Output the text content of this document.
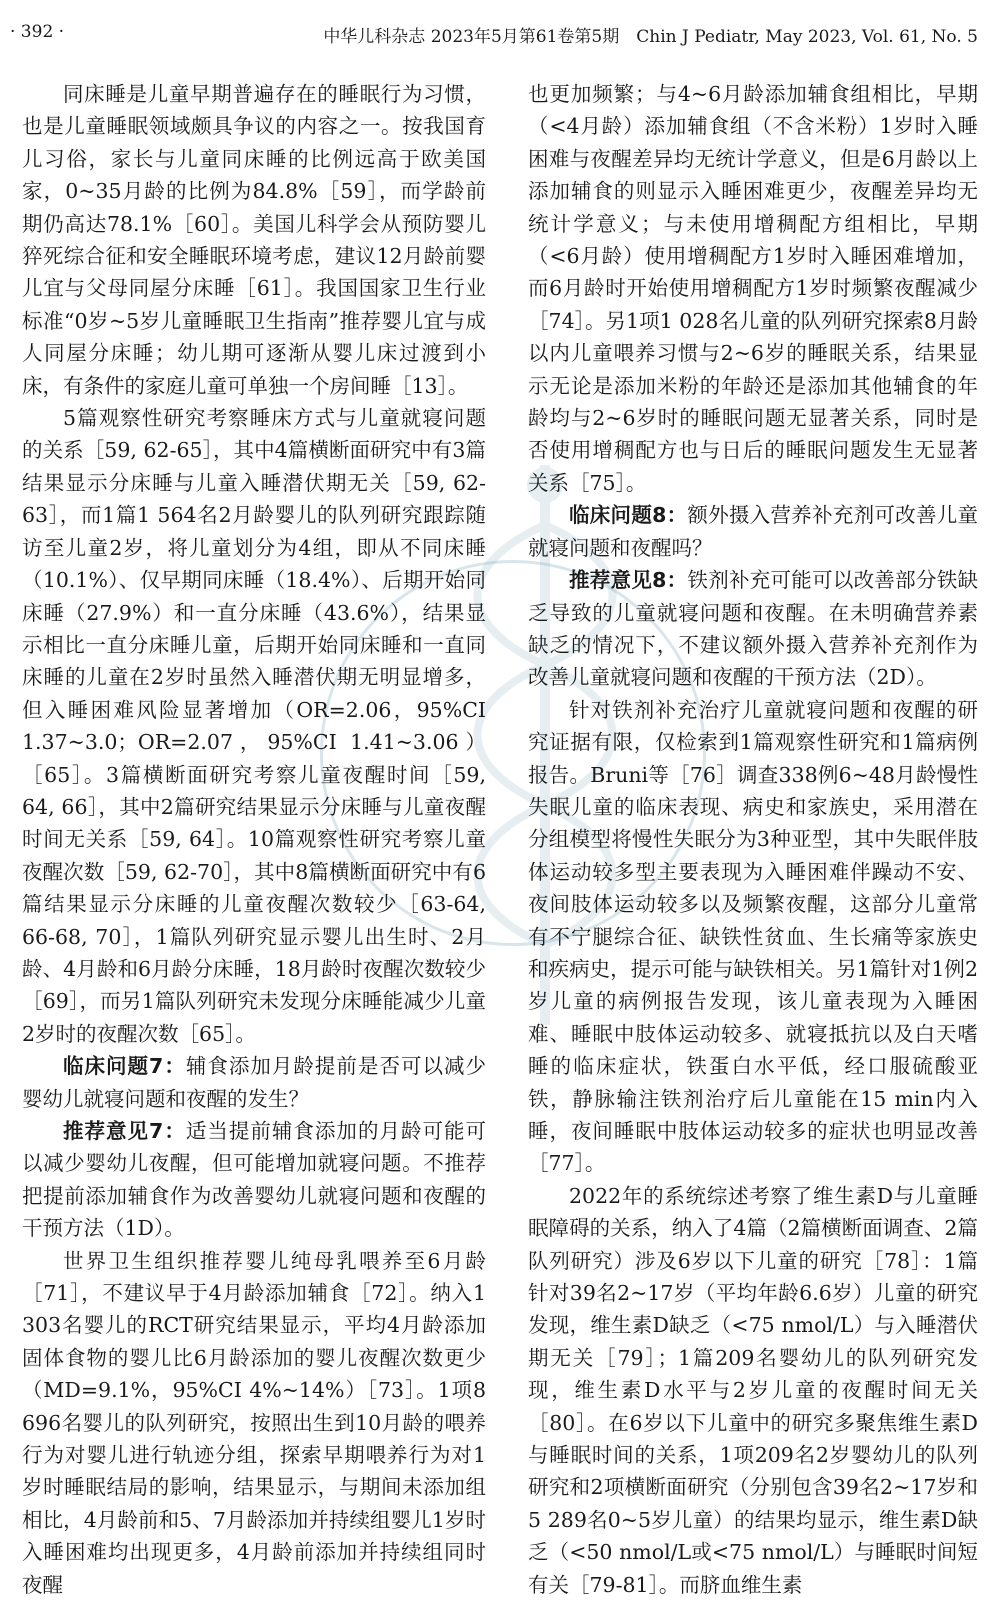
· 392 ·	中华儿科杂志 2023年5月第61卷第5期　Chin J Pediatr, May 2023, Vol. 61, No. 5

同床睡是儿童早期普遍存在的睡眠行为习惯，也是儿童睡眠领域颇具争议的内容之一。按我国育儿习俗，家长与儿童同床睡的比例远高于欧美国家，0~35月龄的比例为84.8%［59］，而学龄前期仍高达78.1%［60］。美国儿科学会从预防婴儿猝死综合征和安全睡眠环境考虑，建议12月龄前婴儿宜与父母同屋分床睡［61］。我国国家卫生行业标准“0岁~5岁儿童睡眠卫生指南”推荐婴儿宜与成人同屋分床睡；幼儿期可逐渐从婴儿床过渡到小床，有条件的家庭儿童可单独一个房间睡［13］。

5篇观察性研究考察睡床方式与儿童就寝问题的关系［59, 62-65］，其中4篇横断面研究中有3篇结果显示分床睡与儿童入睡潜伏期无关［59, 62-63］，而1篇1 564名2月龄婴儿的队列研究跟踪随访至儿童2岁，将儿童划分为4组，即从不同床睡（10.1%）、仅早期同床睡（18.4%）、后期开始同床睡（27.9%）和一直分床睡（43.6%），结果显示相比一直分床睡儿童，后期开始同床睡和一直同床睡的儿童在2岁时虽然入睡潜伏期无明显增多，但入睡困难风险显著增加（OR=2.06，95%CI 1.37~3.0；OR=2.07，95%CI 1.41~3.06）［65］。3篇横断面研究考察儿童夜醒时间［59, 64, 66］，其中2篇研究结果显示分床睡与儿童夜醒时间无关系［59, 64］。10篇观察性研究考察儿童夜醒次数［59, 62-70］，其中8篇横断面研究中有6篇结果显示分床睡的儿童夜醒次数较少［63-64, 66-68, 70］，1篇队列研究显示婴儿出生时、2月龄、4月龄和6月龄分床睡，18月龄时夜醒次数较少［69］，而另1篇队列研究未发现分床睡能减少儿童2岁时的夜醒次数［65］。

临床问题7：辅食添加月龄提前是否可以减少婴幼儿就寝问题和夜醒的发生？

推荐意见7：适当提前辅食添加的月龄可能可以减少婴幼儿夜醒，但可能增加就寝问题。不推荐把提前添加辅食作为改善婴幼儿就寝问题和夜醒的干预方法（1D）。

世界卫生组织推荐婴儿纯母乳喂养至6月龄［71］，不建议早于4月龄添加辅食［72］。纳入1 303名婴儿的RCT研究结果显示，平均4月龄添加固体食物的婴儿比6月龄添加的婴儿夜醒次数更少（MD=9.1%，95%CI 4%~14%）［73］。1项8 696名婴儿的队列研究，按照出生到10月龄的喂养行为对婴儿进行轨迹分组，探索早期喂养行为对1岁时睡眠结局的影响，结果显示，与期间未添加组相比，4月龄前和5、7月龄添加并持续组婴儿1岁时入睡困难均出现更多，4月龄前添加并持续组同时夜醒

也更加频繁；与4~6月龄添加辅食组相比，早期（<4月龄）添加辅食组（不含米粉）1岁时入睡困难与夜醒差异均无统计学意义，但是6月龄以上添加辅食的则显示入睡困难更少，夜醒差异均无统计学意义；与未使用增稠配方组相比，早期（<6月龄）使用增稠配方1岁时入睡困难增加，而6月龄时开始使用增稠配方1岁时频繁夜醒减少［74］。另1项1 028名儿童的队列研究探索8月龄以内儿童喂养习惯与2~6岁的睡眠关系，结果显示无论是添加米粉的年龄还是添加其他辅食的年龄均与2~6岁时的睡眠问题无显著关系，同时是否使用增稠配方也与日后的睡眠问题发生无显著关系［75］。

临床问题8：额外摄入营养补充剂可改善儿童就寝问题和夜醒吗？

推荐意见8：铁剂补充可能可以改善部分铁缺乏导致的儿童就寝问题和夜醒。在未明确营养素缺乏的情况下，不建议额外摄入营养补充剂作为改善儿童就寝问题和夜醒的干预方法（2D）。

针对铁剂补充治疗儿童就寝问题和夜醒的研究证据有限，仅检索到1篇观察性研究和1篇病例报告。Bruni等［76］调查338例6~48月龄慢性失眠儿童的临床表现、病史和家族史，采用潜在分组模型将慢性失眠分为3种亚型，其中失眠伴肢体运动较多型主要表现为入睡困难伴躁动不安、夜间肢体运动较多以及频繁夜醒，这部分儿童常有不宁腿综合征、缺铁性贫血、生长痛等家族史和疾病史，提示可能与缺铁相关。另1篇针对1例2岁儿童的病例报告发现，该儿童表现为入睡困难、睡眠中肢体运动较多、就寝抵抗以及白天嗜睡的临床症状，铁蛋白水平低，经口服硫酸亚铁，静脉输注铁剂治疗后儿童能在15 min内入睡，夜间睡眠中肢体运动较多的症状也明显改善［77］。

2022年的系统综述考察了维生素D与儿童睡眠障碍的关系，纳入了4篇（2篇横断面调查、2篇队列研究）涉及6岁以下儿童的研究［78］：1篇针对39名2~17岁（平均年龄6.6岁）儿童的研究发现，维生素D缺乏（<75 nmol/L）与入睡潜伏期无关［79］；1篇209名婴幼儿的队列研究发现，维生素D水平与2岁儿童的夜醒时间无关［80］。在6岁以下儿童中的研究多聚焦维生素D与睡眠时间的关系，1项209名2岁婴幼儿的队列研究和2项横断面研究（分别包含39名2~17岁和5 289名0~5岁儿童）的结果均显示，维生素D缺乏（<50 nmol/L或<75 nmol/L）与睡眠时间短有关［79-81］。而脐血维生素
